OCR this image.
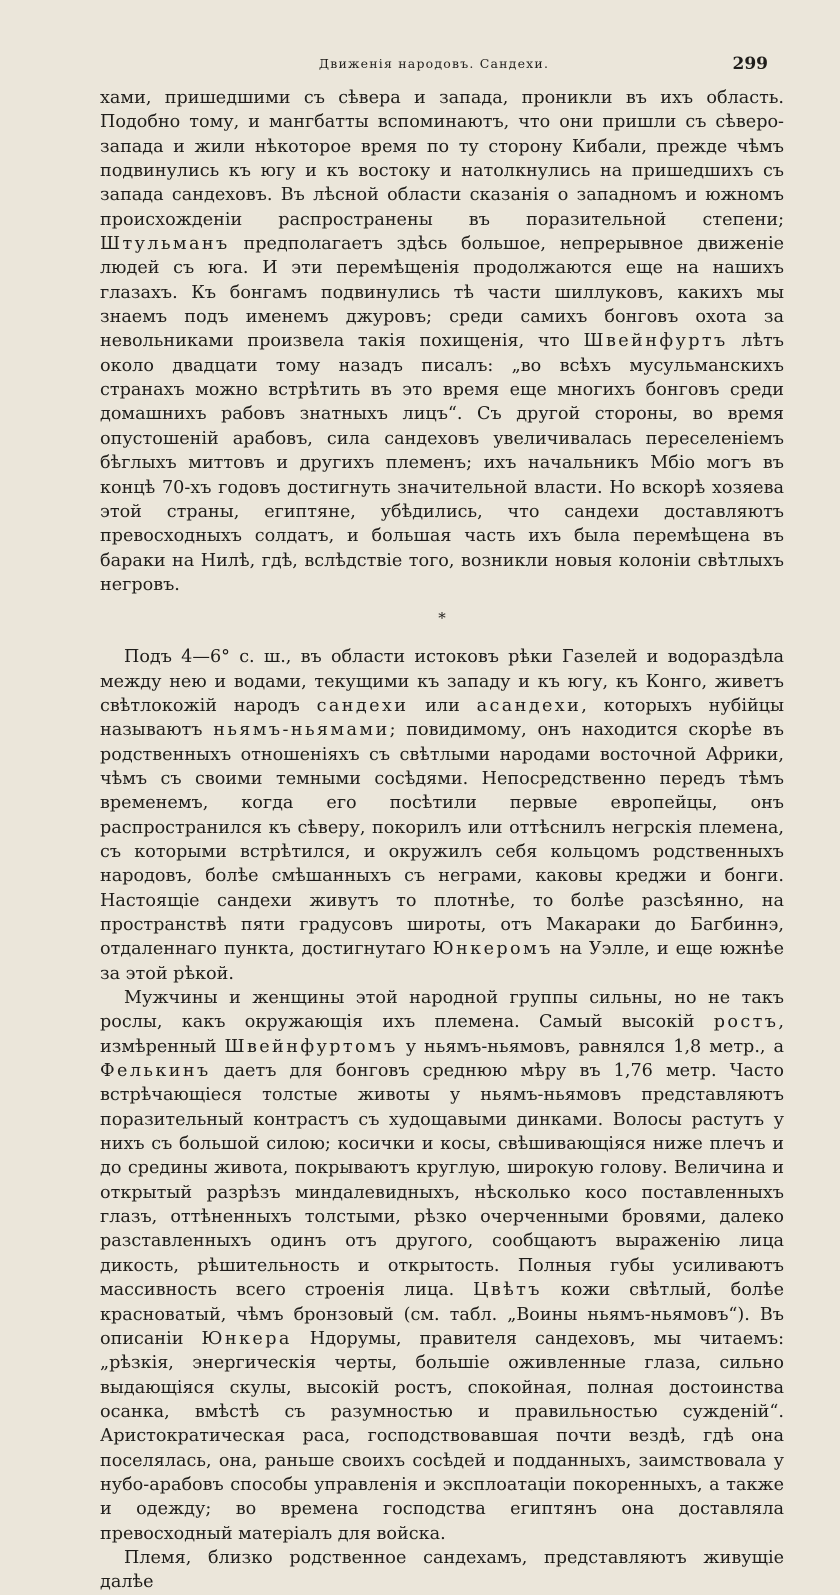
Движенія народовъ. Сандехи.	299

хами, пришедшими съ сѣвера и запада, проникли въ ихъ область. Подобно тому, и мангбатты вспоминаютъ, что они пришли съ сѣверо-запада и жили нѣкоторое время по ту сторону Кибали, прежде чѣмъ подвинулись къ югу и къ востоку и натолкнулись на пришедшихъ съ запада сандеховъ. Въ лѣсной области сказанія о западномъ и южномъ происхожденіи распространены въ поразительной степени; Штульманъ предполагаетъ здѣсь большое, непрерывное движеніе людей съ юга. И эти перемѣщенія продолжаются еще на нашихъ глазахъ. Къ бонгамъ подвинулись тѣ части шиллуковъ, какихъ мы знаемъ подъ именемъ джуровъ; среди самихъ бонговъ охота за невольниками произвела такія похищенія, что Швейнфуртъ лѣтъ около двадцати тому назадъ писалъ: „во всѣхъ мусульманскихъ странахъ можно встрѣтить въ это время еще многихъ бонговъ среди домашнихъ рабовъ знатныхъ лицъ“. Съ другой стороны, во время опустошеній арабовъ, сила сандеховъ увеличивалась переселеніемъ бѣглыхъ миттовъ и другихъ племенъ; ихъ начальникъ Мбіо могъ въ концѣ 70-хъ годовъ достигнуть значительной власти. Но вскорѣ хозяева этой страны, египтяне, убѣдились, что сандехи доставляютъ превосходныхъ солдатъ, и большая часть ихъ была перемѣщена въ бараки на Нилѣ, гдѣ, вслѣдствіе того, возникли новыя колоніи свѣтлыхъ негровъ.

*

Подъ 4—6° с. ш., въ области истоковъ рѣки Газелей и водораздѣла между нею и водами, текущими къ западу и къ югу, къ Конго, живетъ свѣтлокожій народъ сандехи или асандехи, которыхъ нубійцы называютъ ньямъ-ньямами; повидимому, онъ находится скорѣе въ родственныхъ отношеніяхъ съ свѣтлыми народами восточной Африки, чѣмъ съ своими темными сосѣдями. Непосредственно передъ тѣмъ временемъ, когда его посѣтили первые европейцы, онъ распространился къ сѣверу, покорилъ или оттѣснилъ негрскія племена, съ которыми встрѣтился, и окружилъ себя кольцомъ родственныхъ народовъ, болѣе смѣшанныхъ съ неграми, каковы креджи и бонги. Настоящіе сандехи живутъ то плотнѣе, то болѣе разсѣянно, на пространствѣ пяти градусовъ широты, отъ Макараки до Багбиннэ, отдаленнаго пункта, достигнутаго Юнкеромъ на Уэлле, и еще южнѣе за этой рѣкой.

Мужчины и женщины этой народной группы сильны, но не такъ рослы, какъ окружающія ихъ племена. Самый высокій ростъ, измѣренный Швейнфуртомъ у ньямъ-ньямовъ, равнялся 1,8 метр., а Фелькинъ даетъ для бонговъ среднюю мѣру въ 1,76 метр. Часто встрѣчающіеся толстые животы у ньямъ-ньямовъ представляютъ поразительный контрастъ съ худощавыми динками. Волосы растутъ у нихъ съ большой силою; косички и косы, свѣшивающіяся ниже плечъ и до средины живота, покрываютъ круглую, широкую голову. Величина и открытый разрѣзъ миндалевидныхъ, нѣсколько косо поставленныхъ глазъ, оттѣненныхъ толстыми, рѣзко очерченными бровями, далеко разставленныхъ одинъ отъ другого, сообщаютъ выраженію лица дикость, рѣшительность и открытость. Полныя губы усиливаютъ массивность всего строенія лица. Цвѣтъ кожи свѣтлый, болѣе красноватый, чѣмъ бронзовый (см. табл. „Воины ньямъ-ньямовъ“). Въ описаніи Юнкера Ндорумы, правителя сандеховъ, мы читаемъ: „рѣзкія, энергическія черты, большіе оживленные глаза, сильно выдающіяся скулы, высокій ростъ, спокойная, полная достоинства осанка, вмѣстѣ съ разумностью и правильностью сужденій“. Аристократическая раса, господствовавшая почти вездѣ, гдѣ она поселялась, она, раньше своихъ сосѣдей и подданныхъ, заимствовала у нубо-арабовъ способы управленія и эксплоатаціи покоренныхъ, а также и одежду; во времена господства египтянъ она доставляла превосходный матеріалъ для войска.

Племя, близко родственное сандехамъ, представляютъ живущіе далѣе
